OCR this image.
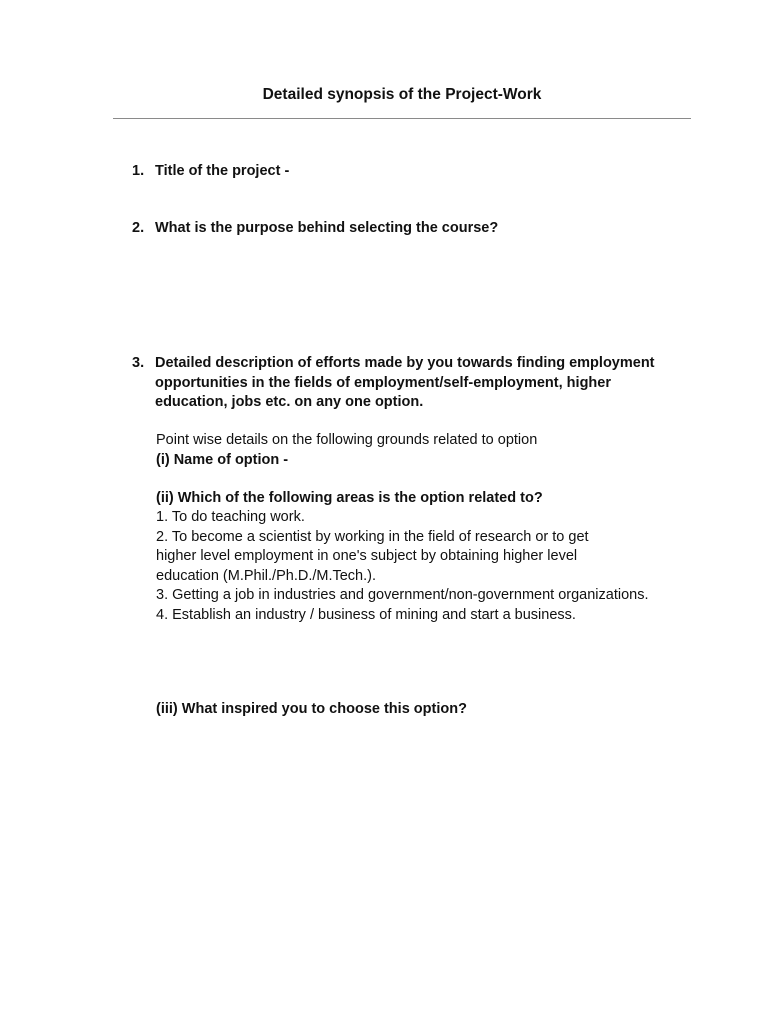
Detailed synopsis of the Project-Work
1. Title of the project -
2. What is the purpose behind selecting the course?
3. Detailed description of efforts made by you towards finding employment
opportunities in the fields of employment/self-employment, higher
education, jobs etc. on any one option.
Point wise details on the following grounds related to option
(i) Name of option -
(ii) Which of the following areas is the option related to?
1. To do teaching work.
2. To become a scientist by working in the field of research or to get
higher level employment in one's subject by obtaining higher level
education (M.Phil./Ph.D./M.Tech.).
3. Getting a job in industries and government/non-government organizations.
4. Establish an industry / business of mining and start a business.
(iii) What inspired you to choose this option?
